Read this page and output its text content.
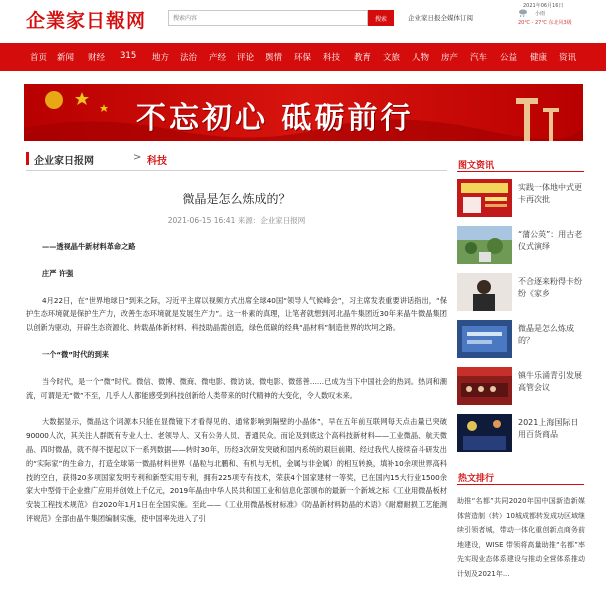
企業家日報网
搜索内容	搜索	企业家日报全媒体订阅
2021年06月16日
小雨
20℃ - 27℃ 东北风3级
首页 新闻 财经 315 地方 法治 产经 评论 舆情 环保 科技 教育 文旅 人物 房产 汽车 公益 健康 资讯
不忘初心 砥砺前行
企业家日报网	> 科技
微晶是怎么炼成的？
2021-06-15 16:41 来源：企业家日报网

——透视晶牛新材料革命之路

庄严 许强

4月22日，在“世界地球日”到来之际，习近平主席以视频方式出席全球40国“领导人气候峰会”，习主席发表重要讲话指出，“保护生态环境就是保护生产力，改善生态环境就是发展生产力”。这一朴素的真理，让笔者就想到河北晶牛集团近30年来晶牛微晶集团以创新为驱动，开辟生态资源化、转载晶体新材料、科技助晶需创造，绿色低碳的经典“晶材料”制造世界的坎坷之路。

一个“微”时代的到来

当今时代，是一个“微”时代。微信、微博、微商、微电影、微访谈、微电影、微慈善……已成为当下中国社会的热词。热词和潮流，可谓是无“微”不至，几乎人人都能感受到科技创新给人类带来的时代精神的大变化，令人数叹未来。

大数据显示，微晶这个词源本只能在显微镜下才看得见的、通常影响到隔壁的小晶体”，早在五年前互联网每天点击量已突破90000人次，其关注人群既有专业人士、老领导人、又有公务人员、普通民众。而论及到底这个高科技新材料——工业微晶、航天微晶、四时微晶，就不得不提起以下一系列数据——转时30年，历经3次研发突破和国内系统的艰巨前期、经过我代人接续奋斗研发出的“实际家”的生命力，打造全球第一微晶材料世界（晶粒与北鹏和、有机与无机，金属与非金属）的相互转换，填补10余项世界高科技的空白，获得20多项国家发明专利和新型实用专利，拥有225项专有技术，荣获4个国家建材一等奖，已在国内15大行业1500余家大中型骨干企业推广应用并创效上千亿元，2019年晶由中华人民共和国工业和信息化部颁布的最新一个新域之标《工业用微晶板材安装工程技术规范》自2020年1月1日在全国实施。至此——《工业用微晶板材标准》《防晶新材料防晶的术语》《耐磨耐损工艺能测评规范》全部由晶牛集团编制实施，使中国率先进入了引

图文资讯
实践一体地中式更卡再次批
“蒲公英”：用古老仪式演绎
不合逐来粉得卡纷纷《家乡
微晶是怎么炼成的？
镇牛乐涌青引发展高管会议
2021上海国际日用百货商品
热文排行
助推“名都”共同2020年国中国新造新媒体营造制（转）10城成都转发成功区域继续引领者城，带动一体化重创新点商务前地建设，WISE 带领将高量助推“名都”率先实现业态体系建设与推动全营体系推动计划及2021年...
